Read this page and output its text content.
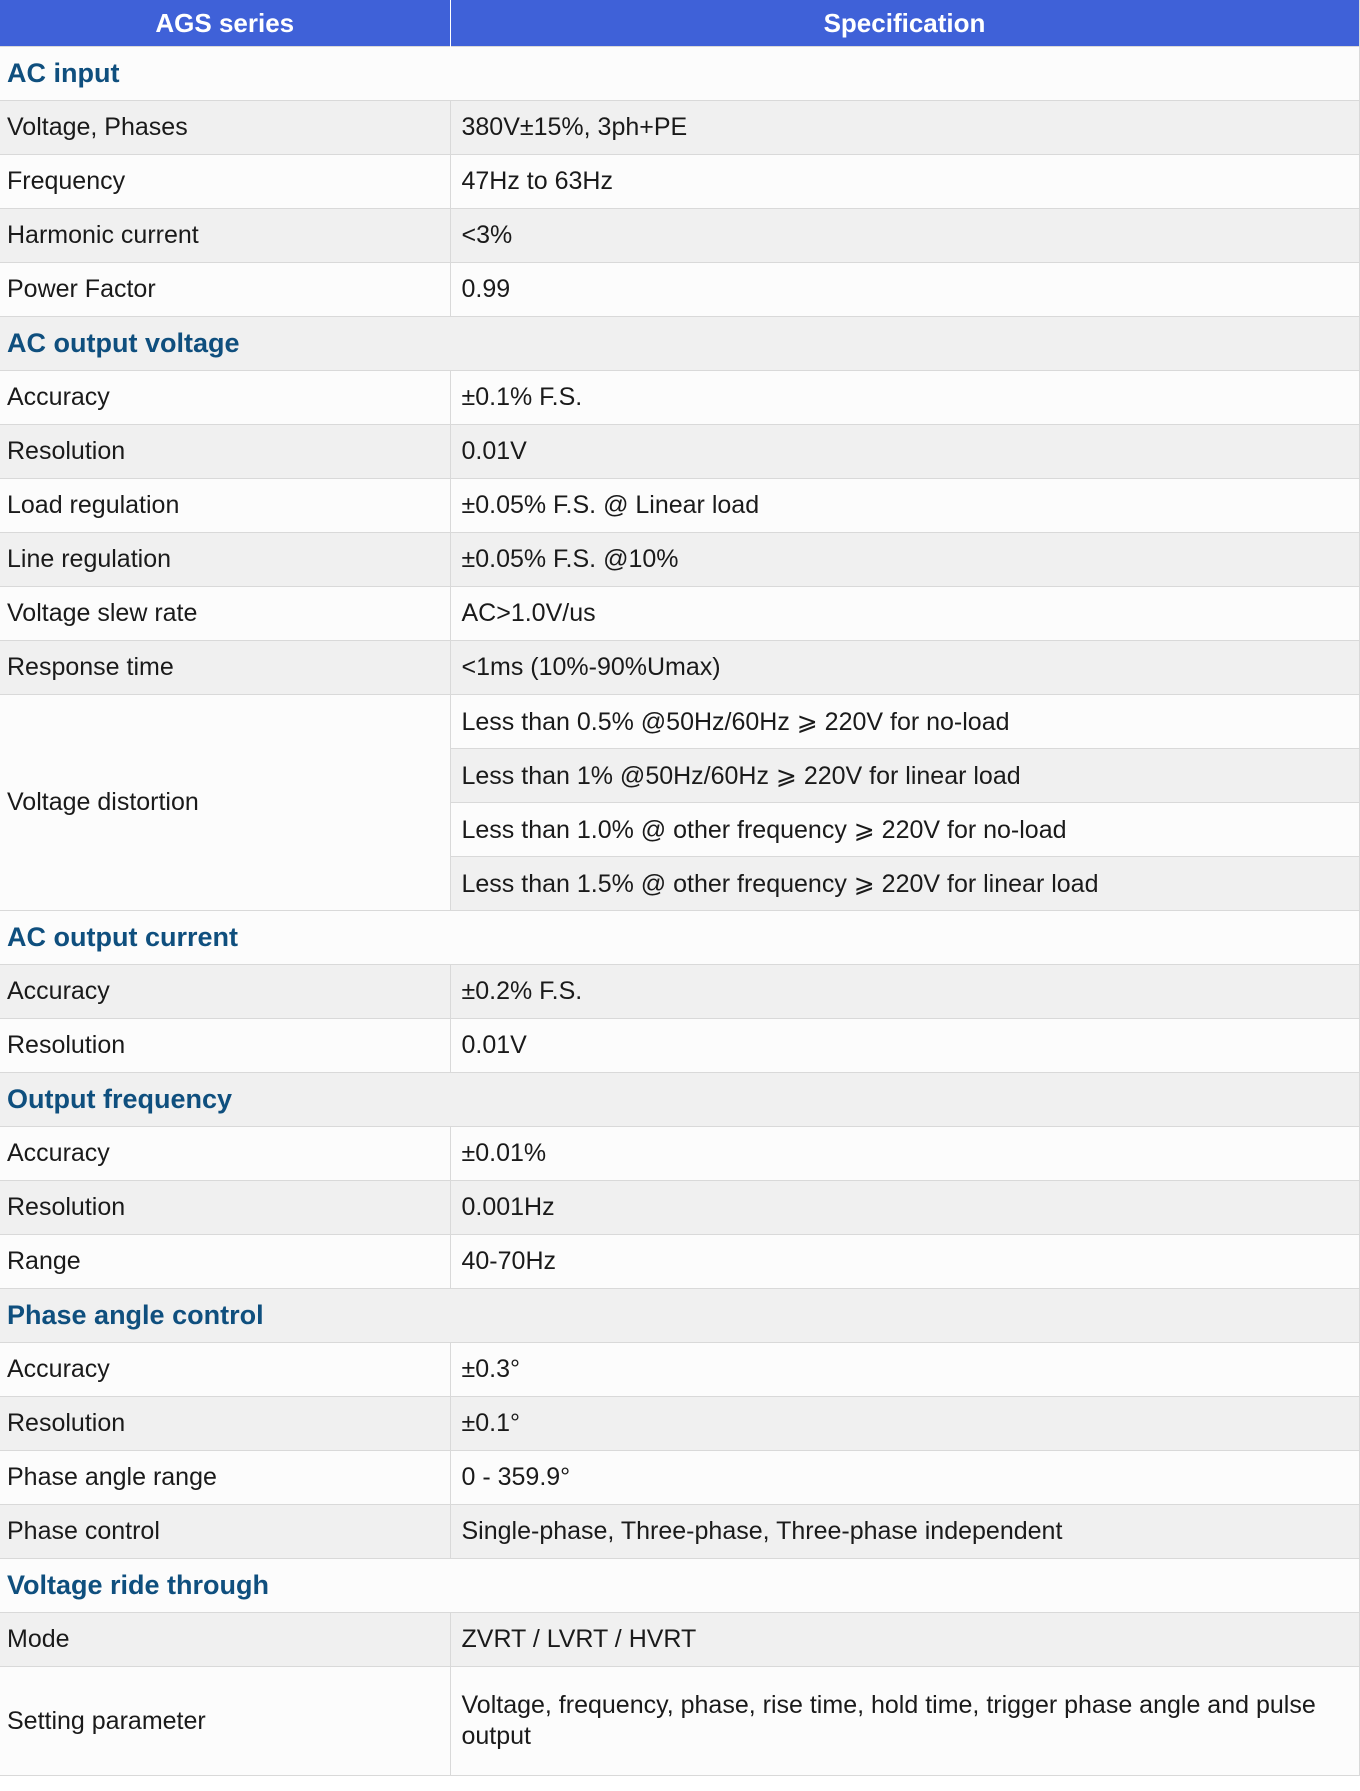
AGS series	Specification
AC input	
Voltage, Phases	380V±15%, 3ph+PE
Frequency	47Hz to 63Hz
Harmonic current	<3%
Power Factor	0.99
AC output voltage	
Accuracy	±0.1% F.S.
Resolution	0.01V
Load regulation	±0.05% F.S. @ Linear load
Line regulation	±0.05% F.S. @10%
Voltage slew rate	AC>1.0V/us
Response time	<1ms (10%-90%Umax)
Voltage distortion	Less than 0.5% @50Hz/60Hz ⩾ 220V for no-load
	Less than 1% @50Hz/60Hz ⩾ 220V for linear load
	Less than 1.0% @ other frequency ⩾ 220V for no-load
	Less than 1.5% @ other frequency ⩾ 220V for linear load
AC output current	
Accuracy	±0.2% F.S.
Resolution	0.01V
Output frequency	
Accuracy	±0.01%
Resolution	0.001Hz
Range	40-70Hz
Phase angle control	
Accuracy	±0.3°
Resolution	±0.1°
Phase angle range	0 - 359.9°
Phase control	Single-phase, Three-phase, Three-phase independent
Voltage ride through	
Mode	ZVRT / LVRT / HVRT
Setting parameter	Voltage, frequency, phase, rise time, hold time, trigger phase angle and pulse output
